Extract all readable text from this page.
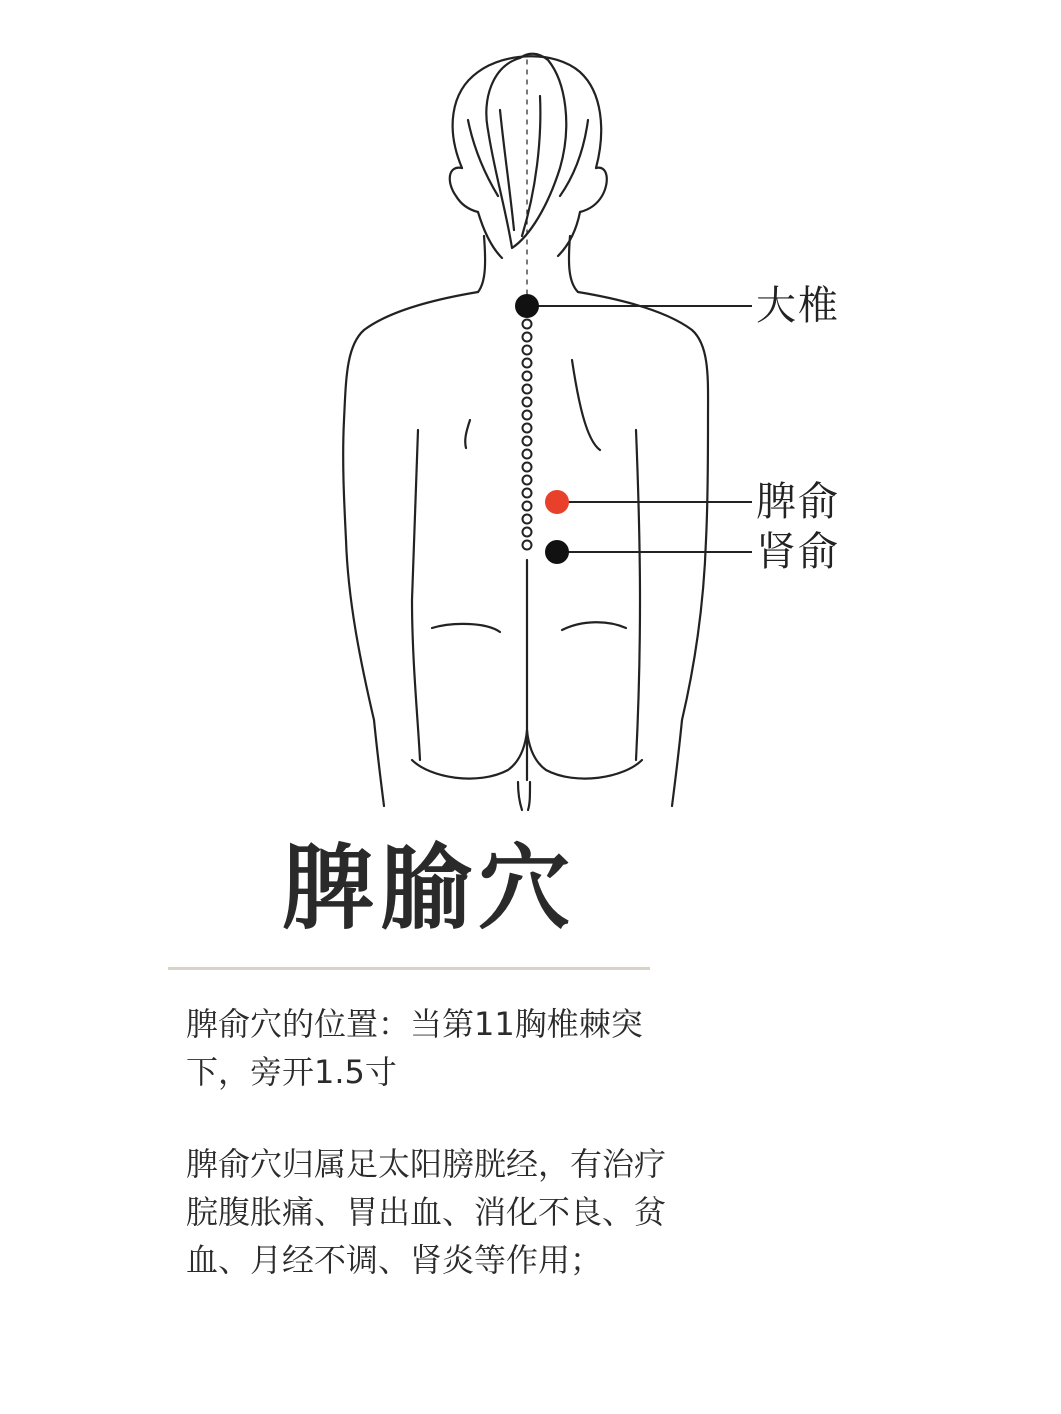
大椎
脾俞
肾俞
脾腧穴

脾俞穴的位置：当第11胸椎棘突下，旁开1.5寸

脾俞穴归属足太阳膀胱经，有治疗脘腹胀痛、胃出血、消化不良、贫血、月经不调、肾炎等作用；
